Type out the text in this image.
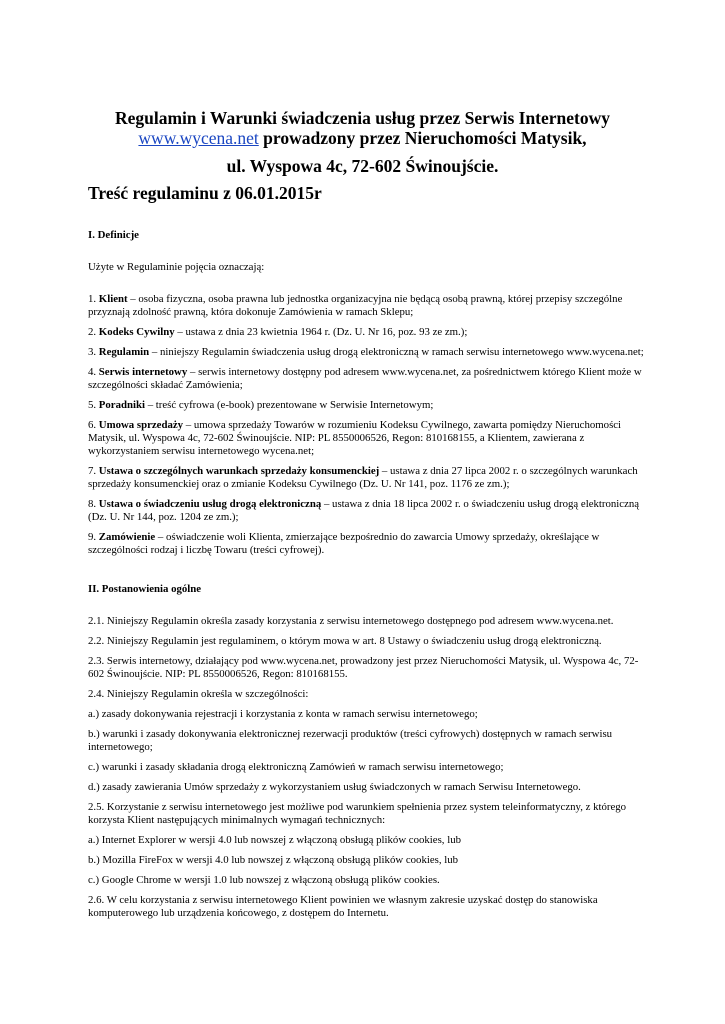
Regulamin i Warunki świadczenia usług przez Serwis Internetowy
www.wycena.net prowadzony przez Nieruchomości Matysik,
ul. Wyspowa 4c, 72-602 Świnoujście.
Treść regulaminu z 06.01.2015r

I. Definicje

Użyte w Regulaminie pojęcia oznaczają:

1. Klient – osoba fizyczna, osoba prawna lub jednostka organizacyjna nie będącą osobą prawną, której przepisy szczególne przyznają zdolność prawną, która dokonuje Zamówienia w ramach Sklepu;

2. Kodeks Cywilny – ustawa z dnia 23 kwietnia 1964 r. (Dz. U. Nr 16, poz. 93 ze zm.);

3. Regulamin – niniejszy Regulamin świadczenia usług drogą elektroniczną w ramach serwisu internetowego www.wycena.net;

4. Serwis internetowy – serwis internetowy dostępny pod adresem www.wycena.net, za pośrednictwem którego Klient może w szczególności składać Zamówienia;

5. Poradniki – treść cyfrowa (e-book) prezentowane w Serwisie Internetowym;

6. Umowa sprzedaży – umowa sprzedaży Towarów w rozumieniu Kodeksu Cywilnego, zawarta pomiędzy Nieruchomości Matysik, ul. Wyspowa 4c, 72-602 Świnoujście. NIP: PL 8550006526, Regon: 810168155, a Klientem, zawierana z wykorzystaniem serwisu internetowego wycena.net;

7. Ustawa o szczególnych warunkach sprzedaży konsumenckiej – ustawa z dnia 27 lipca 2002 r. o szczególnych warunkach sprzedaży konsumenckiej oraz o zmianie Kodeksu Cywilnego (Dz. U. Nr 141, poz. 1176 ze zm.);

8. Ustawa o świadczeniu usług drogą elektroniczną – ustawa z dnia 18 lipca 2002 r. o świadczeniu usług drogą elektroniczną (Dz. U. Nr 144, poz. 1204 ze zm.);

9. Zamówienie – oświadczenie woli Klienta, zmierzające bezpośrednio do zawarcia Umowy sprzedaży, określające w szczególności rodzaj i liczbę Towaru (treści cyfrowej).

II. Postanowienia ogólne

2.1. Niniejszy Regulamin określa zasady korzystania z serwisu internetowego dostępnego pod adresem www.wycena.net.

2.2. Niniejszy Regulamin jest regulaminem, o którym mowa w art. 8 Ustawy o świadczeniu usług drogą elektroniczną.

2.3. Serwis internetowy, działający pod www.wycena.net, prowadzony jest przez Nieruchomości Matysik, ul. Wyspowa 4c, 72-602 Świnoujście. NIP: PL 8550006526, Regon: 810168155.

2.4. Niniejszy Regulamin określa w szczególności:

a.) zasady dokonywania rejestracji i korzystania z konta w ramach serwisu internetowego;

b.) warunki i zasady dokonywania elektronicznej rezerwacji produktów (treści cyfrowych) dostępnych w ramach serwisu internetowego;

c.) warunki i zasady składania drogą elektroniczną Zamówień w ramach serwisu internetowego;

d.) zasady zawierania Umów sprzedaży z wykorzystaniem usług świadczonych w ramach Serwisu Internetowego.

2.5. Korzystanie z serwisu internetowego jest możliwe pod warunkiem spełnienia przez system teleinformatyczny, z którego korzysta Klient następujących minimalnych wymagań technicznych:

a.) Internet Explorer w wersji 4.0 lub nowszej z włączoną obsługą plików cookies, lub

b.) Mozilla FireFox w wersji 4.0 lub nowszej z włączoną obsługą plików cookies, lub

c.) Google Chrome w wersji 1.0 lub nowszej z włączoną obsługą plików cookies.

2.6. W celu korzystania z serwisu internetowego Klient powinien we własnym zakresie uzyskać dostęp do stanowiska komputerowego lub urządzenia końcowego, z dostępem do Internetu.
